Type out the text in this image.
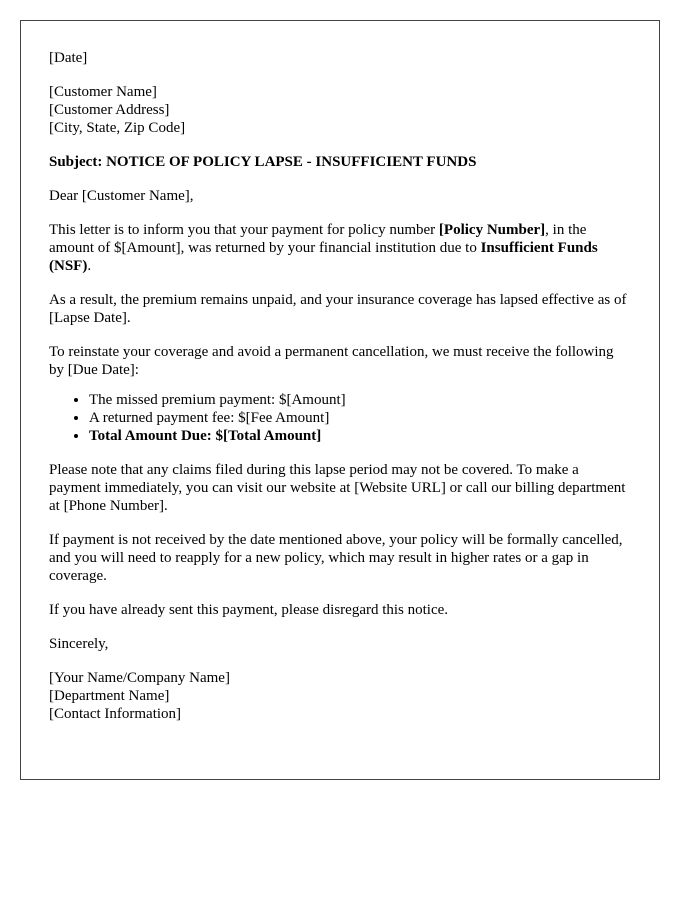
[Date]
[Customer Name]
[Customer Address]
[City, State, Zip Code]
Subject: NOTICE OF POLICY LAPSE - INSUFFICIENT FUNDS
Dear [Customer Name],
This letter is to inform you that your payment for policy number [Policy Number], in the amount of $[Amount], was returned by your financial institution due to Insufficient Funds (NSF).
As a result, the premium remains unpaid, and your insurance coverage has lapsed effective as of [Lapse Date].
To reinstate your coverage and avoid a permanent cancellation, we must receive the following by [Due Date]:
• The missed premium payment: $[Amount]
• A returned payment fee: $[Fee Amount]
• Total Amount Due: $[Total Amount]
Please note that any claims filed during this lapse period may not be covered. To make a payment immediately, you can visit our website at [Website URL] or call our billing department at [Phone Number].
If payment is not received by the date mentioned above, your policy will be formally cancelled, and you will need to reapply for a new policy, which may result in higher rates or a gap in coverage.
If you have already sent this payment, please disregard this notice.
Sincerely,
[Your Name/Company Name]
[Department Name]
[Contact Information]
